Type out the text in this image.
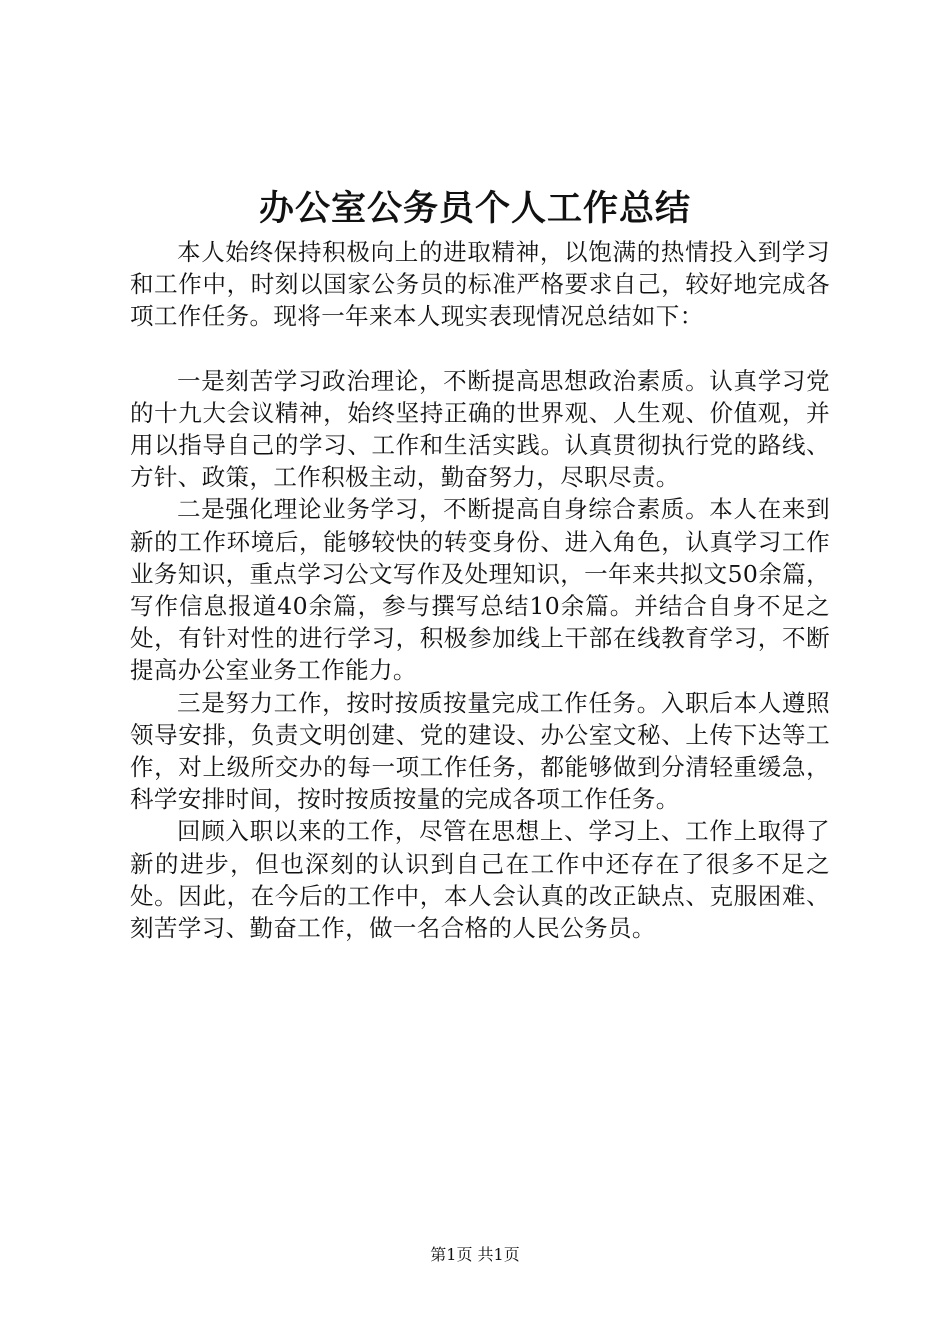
办公室公务员个人工作总结

本人始终保持积极向上的进取精神，以饱满的热情投入到学习和工作中，时刻以国家公务员的标准严格要求自己，较好地完成各项工作任务。现将一年来本人现实表现情况总结如下：

一是刻苦学习政治理论，不断提高思想政治素质。认真学习党的十九大会议精神，始终坚持正确的世界观、人生观、价值观，并用以指导自己的学习、工作和生活实践。认真贯彻执行党的路线、方针、政策，工作积极主动，勤奋努力，尽职尽责。

二是强化理论业务学习，不断提高自身综合素质。本人在来到新的工作环境后，能够较快的转变身份、进入角色，认真学习工作业务知识，重点学习公文写作及处理知识，一年来共拟文50余篇，写作信息报道40余篇，参与撰写总结10余篇。并结合自身不足之处，有针对性的进行学习，积极参加线上干部在线教育学习，不断提高办公室业务工作能力。

三是努力工作，按时按质按量完成工作任务。入职后本人遵照领导安排，负责文明创建、党的建设、办公室文秘、上传下达等工作，对上级所交办的每一项工作任务，都能够做到分清轻重缓急，科学安排时间，按时按质按量的完成各项工作任务。

回顾入职以来的工作，尽管在思想上、学习上、工作上取得了新的进步，但也深刻的认识到自己在工作中还存在了很多不足之处。因此，在今后的工作中，本人会认真的改正缺点、克服困难、刻苦学习、勤奋工作，做一名合格的人民公务员。

第1页 共1页
